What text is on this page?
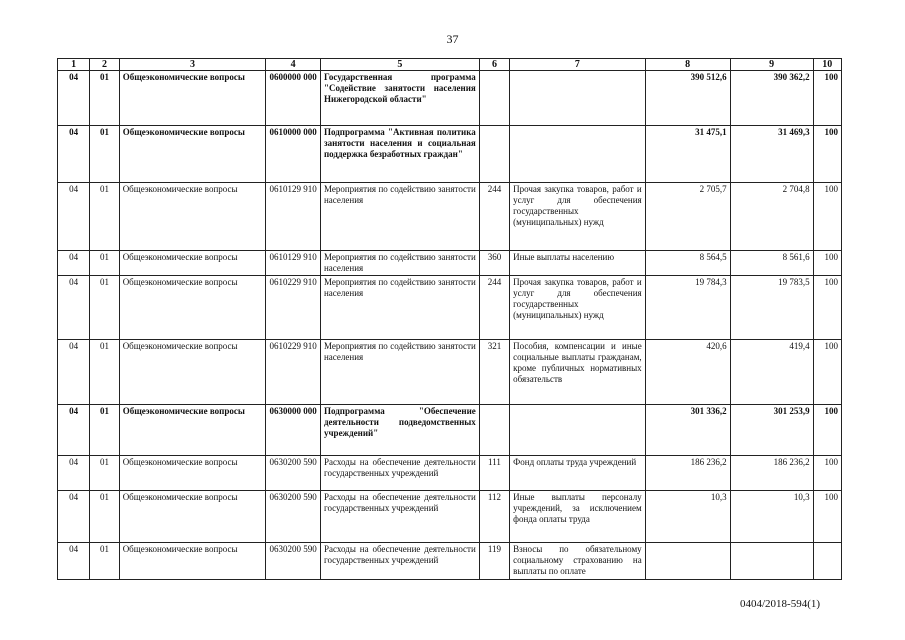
37
1	2	3	4	5	6	7	8	9	10
04	01	Общеэкономические вопросы	0600000 000	Государственная программа "Содействие занятости населения Нижегородской области"			390 512,6	390 362,2	100
04	01	Общеэкономические вопросы	0610000 000	Подпрограмма "Активная политика занятости населения и социальная поддержка безработных граждан"			31 475,1	31 469,3	100
04	01	Общеэкономические вопросы	0610129 910	Мероприятия по содействию занятости населения	244	Прочая закупка товаров, работ и услуг для обеспечения государственных (муниципальных) нужд	2 705,7	2 704,8	100
04	01	Общеэкономические вопросы	0610129 910	Мероприятия по содействию занятости населения	360	Иные выплаты населению	8 564,5	8 561,6	100
04	01	Общеэкономические вопросы	0610229 910	Мероприятия по содействию занятости населения	244	Прочая закупка товаров, работ и услуг для обеспечения государственных (муниципальных) нужд	19 784,3	19 783,5	100
04	01	Общеэкономические вопросы	0610229 910	Мероприятия по содействию занятости населения	321	Пособия, компенсации и иные социальные выплаты гражданам, кроме публичных нормативных обязательств	420,6	419,4	100
04	01	Общеэкономические вопросы	0630000 000	Подпрограмма "Обеспечение деятельности подведомственных учреждений"			301 336,2	301 253,9	100
04	01	Общеэкономические вопросы	0630200 590	Расходы на обеспечение деятельности государственных учреждений	111	Фонд оплаты труда учреждений	186 236,2	186 236,2	100
04	01	Общеэкономические вопросы	0630200 590	Расходы на обеспечение деятельности государственных учреждений	112	Иные выплаты персоналу учреждений, за исключением фонда оплаты труда	10,3	10,3	100
04	01	Общеэкономические вопросы	0630200 590	Расходы на обеспечение деятельности государственных учреждений	119	Взносы по обязательному социальному страхованию на выплаты по оплате			
0404/2018-594(1)
